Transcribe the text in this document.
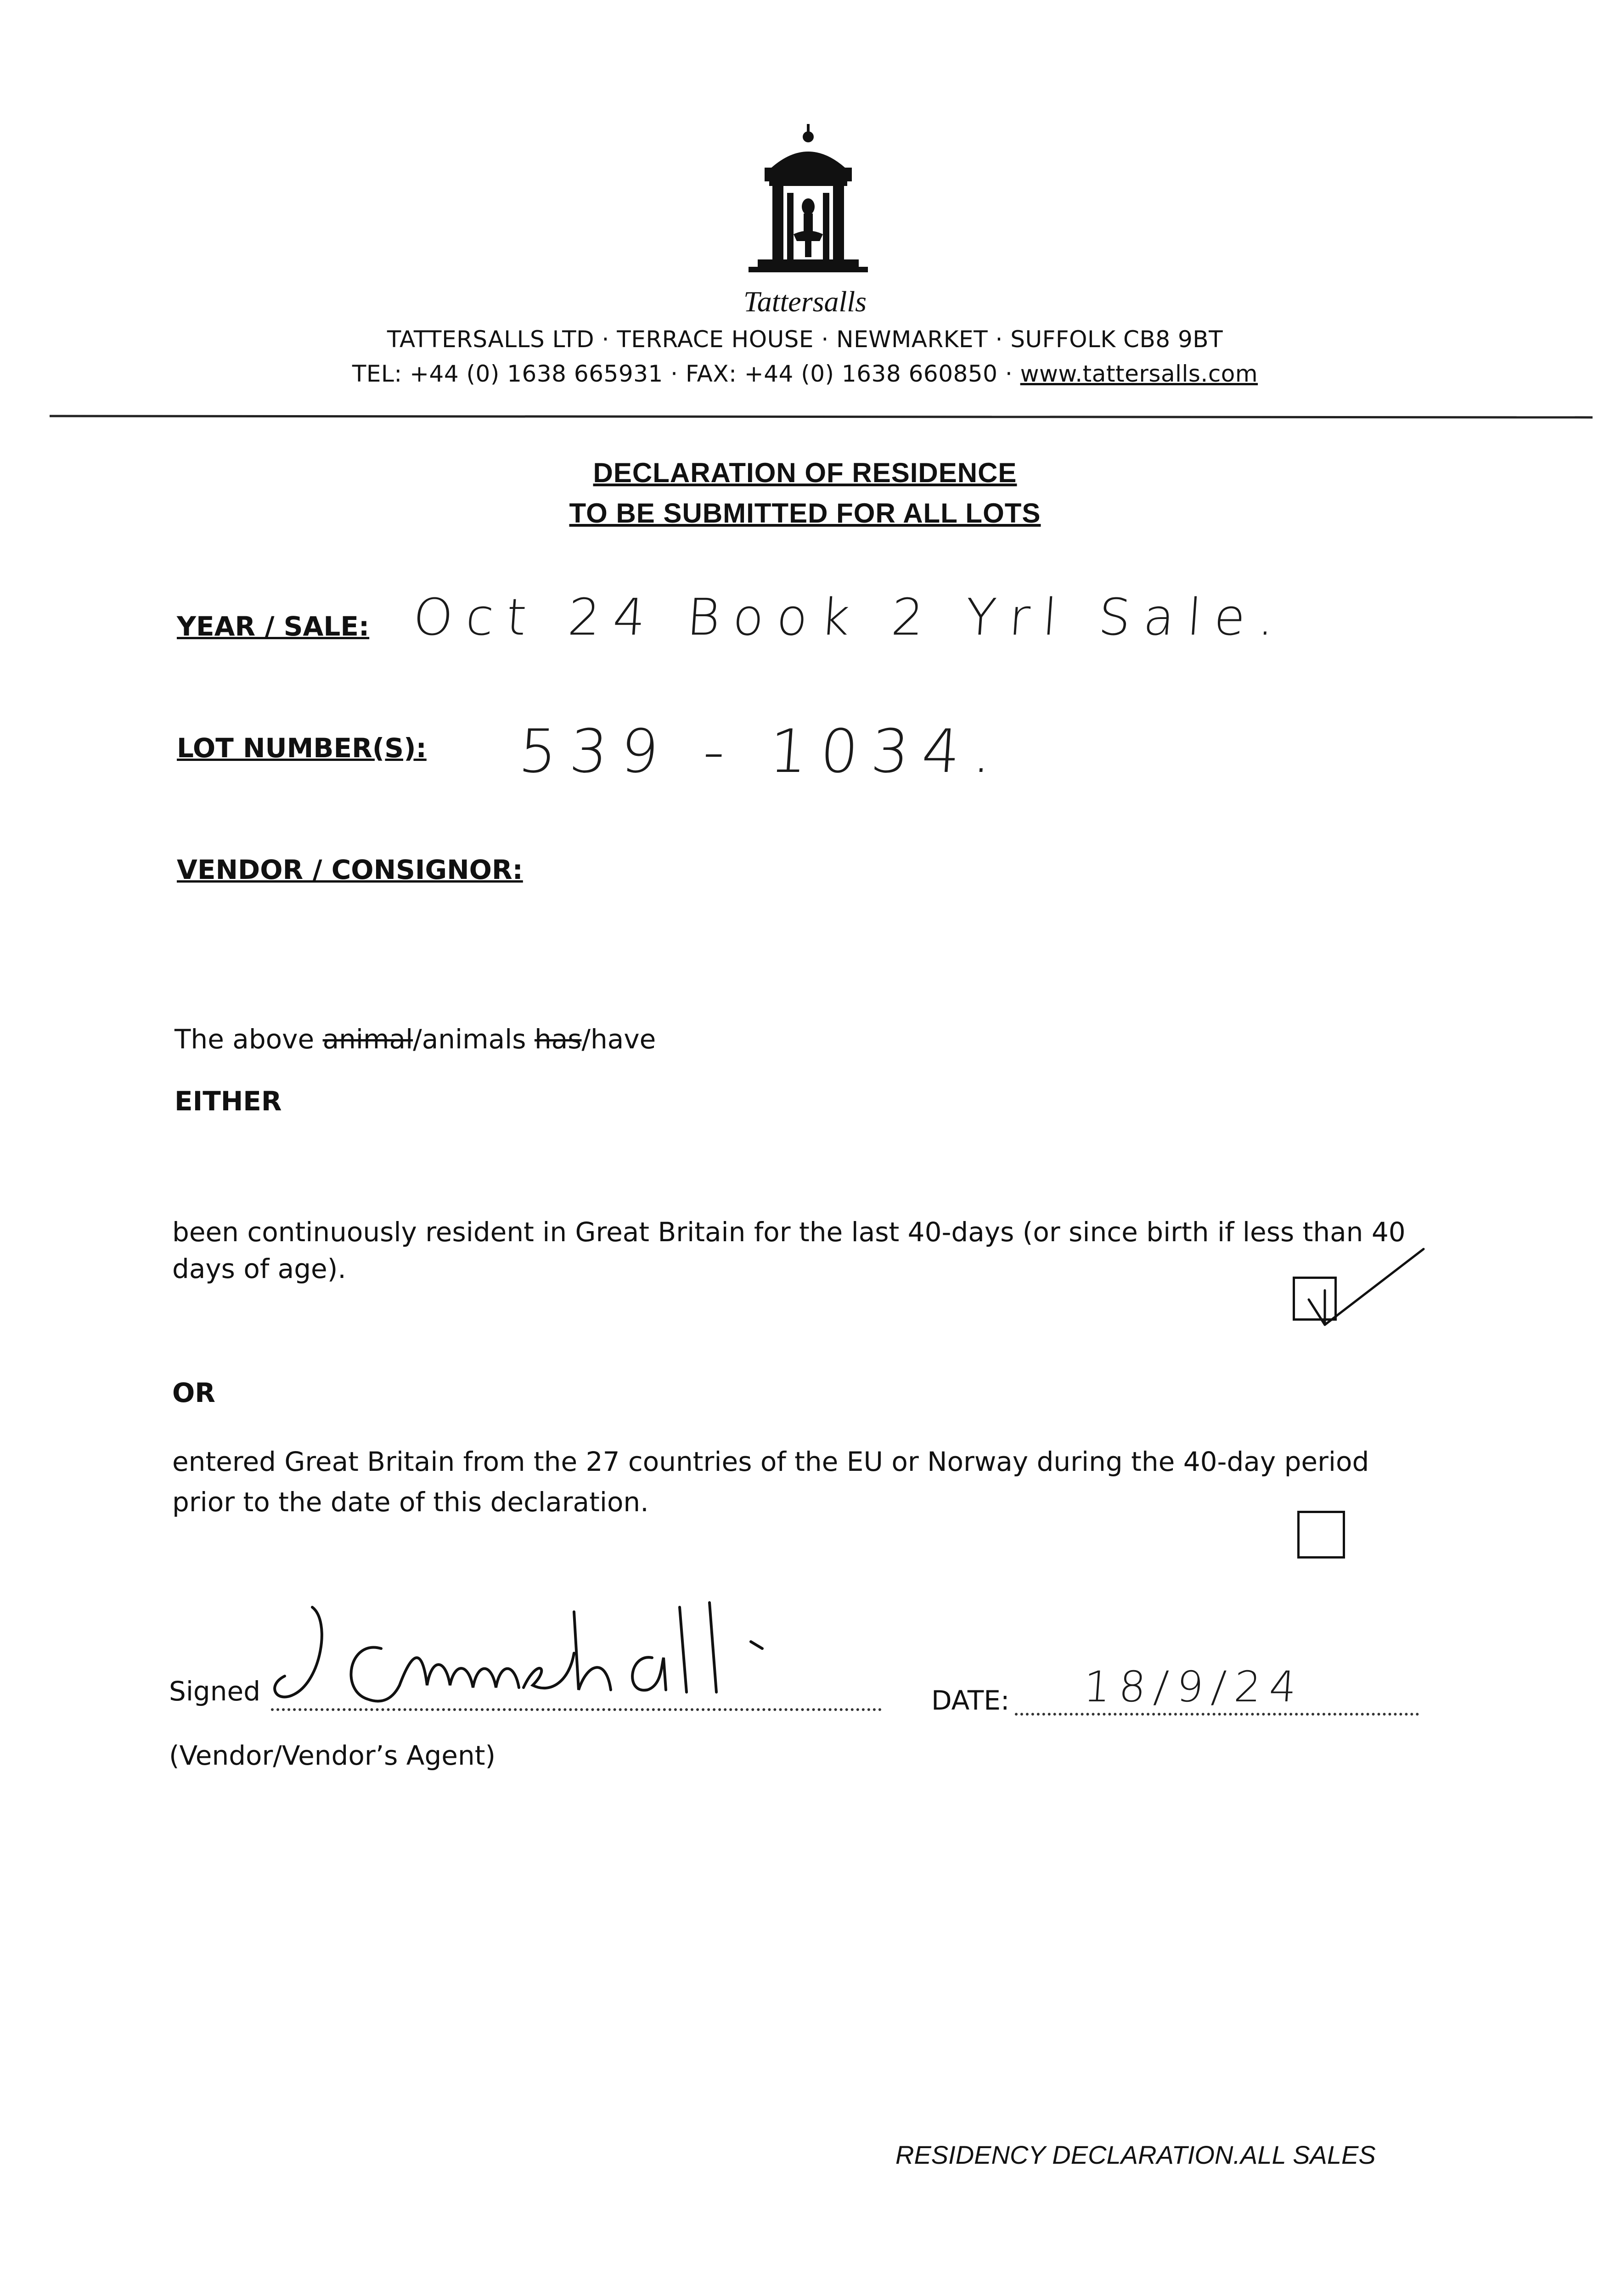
Tattersalls
TATTERSALLS LTD · TERRACE HOUSE · NEWMARKET · SUFFOLK CB8 9BT
TEL: +44 (0) 1638 665931 · FAX: +44 (0) 1638 660850 · www.tattersalls.com
DECLARATION OF RESIDENCE
TO BE SUBMITTED FOR ALL LOTS
YEAR / SALE: Oct 24 Book 2 Yrl Sale.
LOT NUMBER(S): 539 - 1034.
VENDOR / CONSIGNOR:
The above animal/animals has/have
EITHER
been continuously resident in Great Britain for the last 40-days (or since birth if less than 40
days of age).
OR
entered Great Britain from the 27 countries of the EU or Norway during the 40-day period
prior to the date of this declaration.
Signed	DATE: 18/9/24
(Vendor/Vendor’s Agent)
RESIDENCY DECLARATION.ALL SALES
